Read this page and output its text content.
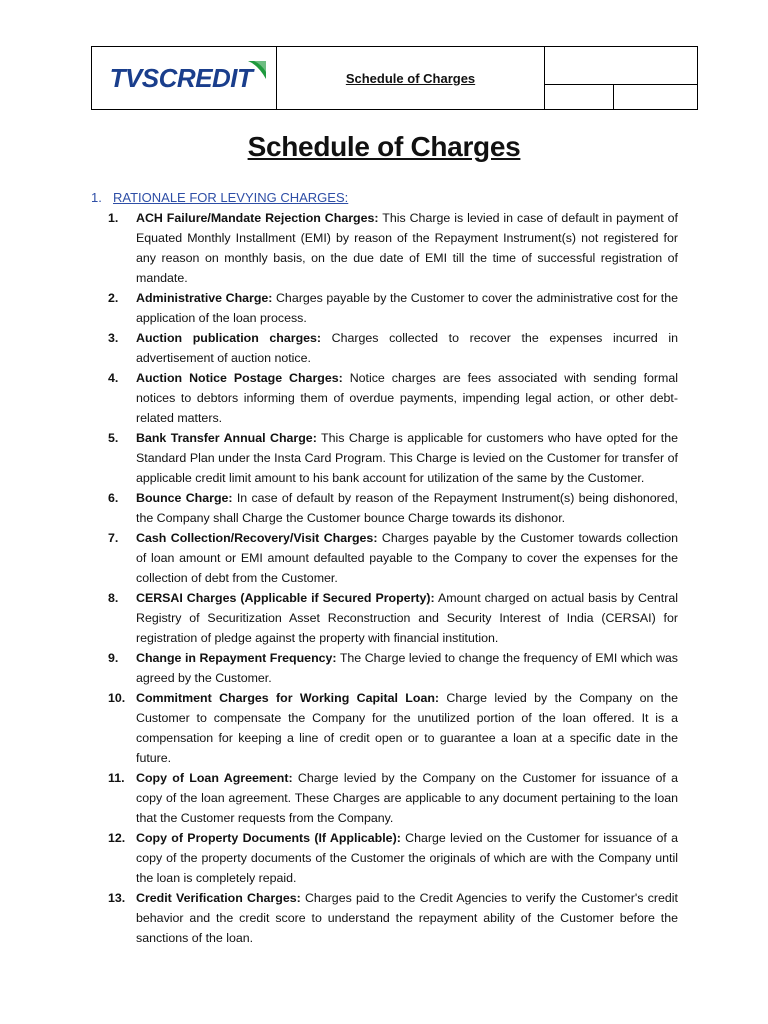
TVSCREDIT	Schedule of Charges
Schedule of Charges
1. RATIONALE FOR LEVYING CHARGES:
1.	ACH Failure/Mandate Rejection Charges: This Charge is levied in case of default in payment of Equated Monthly Installment (EMI) by reason of the Repayment Instrument(s) not registered for any reason on monthly basis, on the due date of EMI till the time of successful registration of mandate.
2.	Administrative Charge: Charges payable by the Customer to cover the administrative cost for the application of the loan process.
3.	Auction publication charges: Charges collected to recover the expenses incurred in advertisement of auction notice.
4.	Auction Notice Postage Charges: Notice charges are fees associated with sending formal notices to debtors informing them of overdue payments, impending legal action, or other debt-related matters.
5.	Bank Transfer Annual Charge: This Charge is applicable for customers who have opted for the Standard Plan under the Insta Card Program. This Charge is levied on the Customer for transfer of applicable credit limit amount to his bank account for utilization of the same by the Customer.
6.	Bounce Charge: In case of default by reason of the Repayment Instrument(s) being dishonored, the Company shall Charge the Customer bounce Charge towards its dishonor.
7.	Cash Collection/Recovery/Visit Charges: Charges payable by the Customer towards collection of loan amount or EMI amount defaulted payable to the Company to cover the expenses for the collection of debt from the Customer.
8.	CERSAI Charges (Applicable if Secured Property): Amount charged on actual basis by Central Registry of Securitization Asset Reconstruction and Security Interest of India (CERSAI) for registration of pledge against the property with financial institution.
9.	Change in Repayment Frequency: The Charge levied to change the frequency of EMI which was agreed by the Customer.
10. Commitment Charges for Working Capital Loan: Charge levied by the Company on the Customer to compensate the Company for the unutilized portion of the loan offered. It is a compensation for keeping a line of credit open or to guarantee a loan at a specific date in the future.
11. Copy of Loan Agreement: Charge levied by the Company on the Customer for issuance of a copy of the loan agreement. These Charges are applicable to any document pertaining to the loan that the Customer requests from the Company.
12. Copy of Property Documents (If Applicable): Charge levied on the Customer for issuance of a copy of the property documents of the Customer the originals of which are with the Company until the loan is completely repaid.
13. Credit Verification Charges: Charges paid to the Credit Agencies to verify the Customer's credit behavior and the credit score to understand the repayment ability of the Customer before the sanctions of the loan.
